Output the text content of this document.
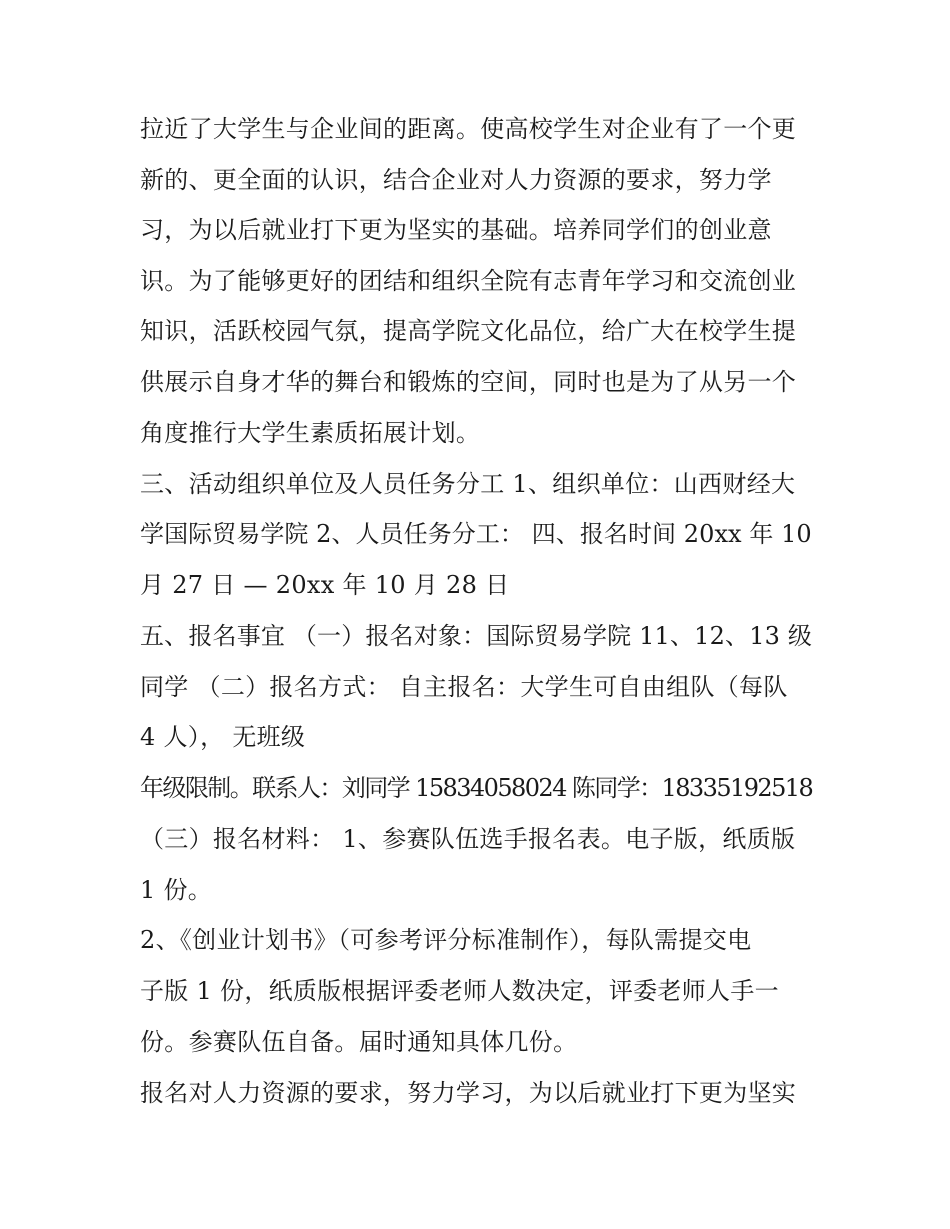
拉近了大学生与企业间的距离。使高校学生对企业有了一个更
新的、更全面的认识，结合企业对人力资源的要求，努力学
习，为以后就业打下更为坚实的基础。培养同学们的创业意
识。为了能够更好的团结和组织全院有志青年学习和交流创业
知识，活跃校园气氛，提高学院文化品位，给广大在校学生提
供展示自身才华的舞台和锻炼的空间，同时也是为了从另一个
角度推行大学生素质拓展计划。
三、活动组织单位及人员任务分工 1、组织单位：山西财经大
学国际贸易学院 2、人员任务分工： 四、报名时间 20xx 年 10
月 27 日 — 20xx 年 10 月 28 日
五、报名事宜 （一）报名对象：国际贸易学院 11、12、13 级
同学 （二）报名方式： 自主报名：大学生可自由组队（每队
4 人）， 无班级
年级限制。联系人：刘同学 15834058024 陈同学：18335192518
（三）报名材料： 1、参赛队伍选手报名表。电子版，纸质版
1 份。
2、《创业计划书》（可参考评分标准制作），每队需提交电
子版 1 份，纸质版根据评委老师人数决定，评委老师人手一
份。参赛队伍自备。届时通知具体几份。
报名对人力资源的要求，努力学习，为以后就业打下更为坚实
